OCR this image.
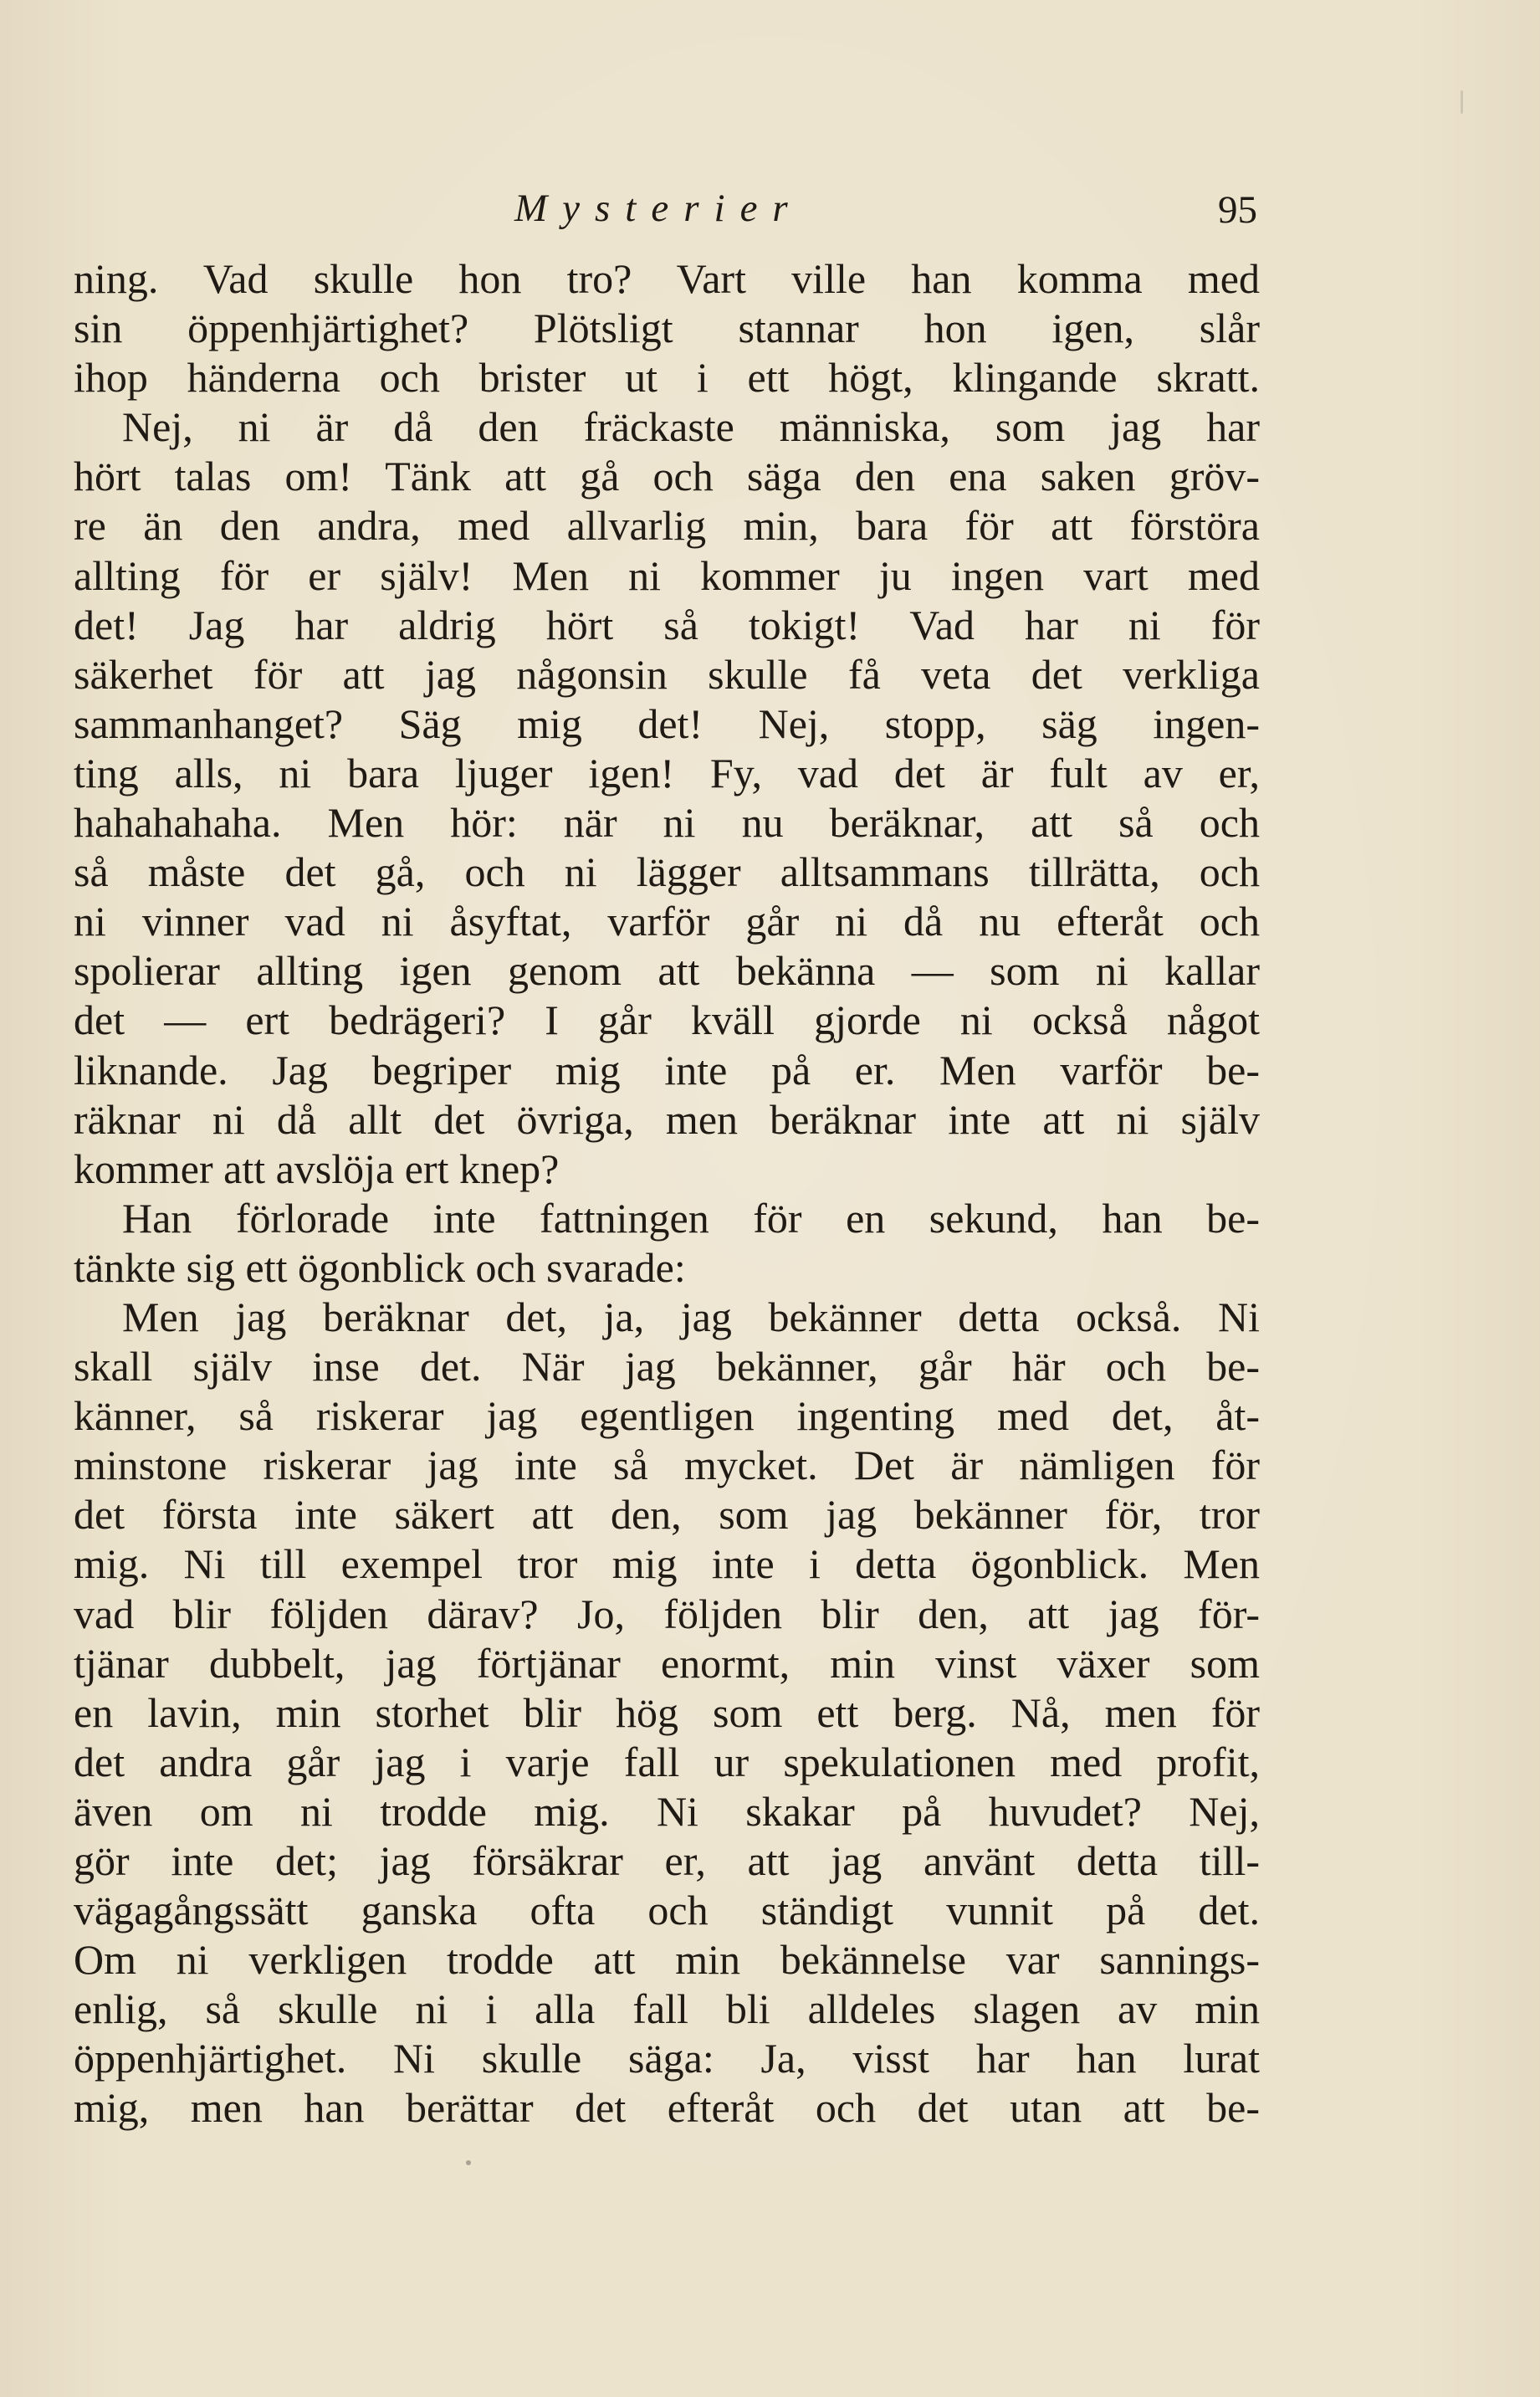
Mysterier	95
ning. Vad skulle hon tro? Vart ville han komma med
sin öppenhjärtighet? Plötsligt stannar hon igen, slår
ihop händerna och brister ut i ett högt, klingande skratt.
Nej, ni är då den fräckaste människa, som jag har
hört talas om! Tänk att gå och säga den ena saken gröv-
re än den andra, med allvarlig min, bara för att förstöra
allting för er själv! Men ni kommer ju ingen vart med
det! Jag har aldrig hört så tokigt! Vad har ni för
säkerhet för att jag någonsin skulle få veta det verkliga
sammanhanget? Säg mig det! Nej, stopp, säg ingen-
ting alls, ni bara ljuger igen! Fy, vad det är fult av er,
hahahahaha. Men hör: när ni nu beräknar, att så och
så måste det gå, och ni lägger alltsammans tillrätta, och
ni vinner vad ni åsyftat, varför går ni då nu efteråt och
spolierar allting igen genom att bekänna — som ni kallar
det — ert bedrägeri? I går kväll gjorde ni också något
liknande. Jag begriper mig inte på er. Men varför be-
räknar ni då allt det övriga, men beräknar inte att ni själv
kommer att avslöja ert knep?
Han förlorade inte fattningen för en sekund, han be-
tänkte sig ett ögonblick och svarade:
Men jag beräknar det, ja, jag bekänner detta också. Ni
skall själv inse det. När jag bekänner, går här och be-
känner, så riskerar jag egentligen ingenting med det, åt-
minstone riskerar jag inte så mycket. Det är nämligen för
det första inte säkert att den, som jag bekänner för, tror
mig. Ni till exempel tror mig inte i detta ögonblick. Men
vad blir följden därav? Jo, följden blir den, att jag för-
tjänar dubbelt, jag förtjänar enormt, min vinst växer som
en lavin, min storhet blir hög som ett berg. Nå, men för
det andra går jag i varje fall ur spekulationen med profit,
även om ni trodde mig. Ni skakar på huvudet? Nej,
gör inte det; jag försäkrar er, att jag använt detta till-
vägagångssätt ganska ofta och ständigt vunnit på det.
Om ni verkligen trodde att min bekännelse var sannings-
enlig, så skulle ni i alla fall bli alldeles slagen av min
öppenhjärtighet. Ni skulle säga: Ja, visst har han lurat
mig, men han berättar det efteråt och det utan att be-
